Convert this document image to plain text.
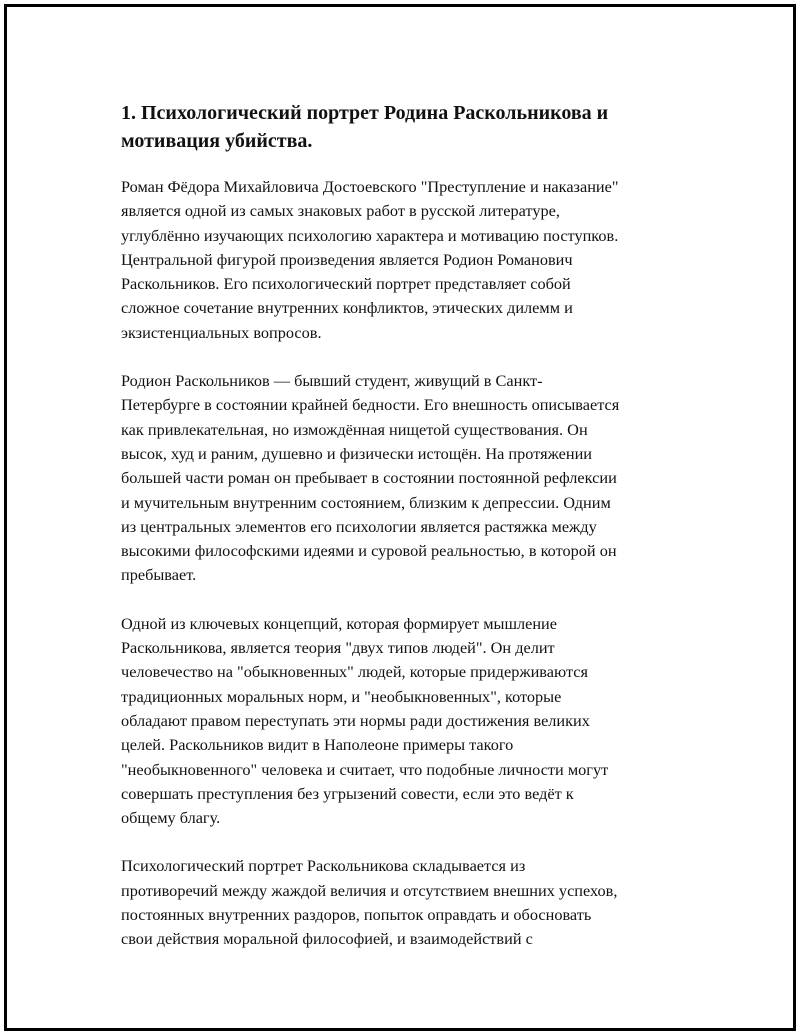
1. Психологический портрет Родина Раскольникова и
мотивация убийства.

Роман Фёдора Михайловича Достоевского "Преступление и наказание"
является одной из самых знаковых работ в русской литературе,
углублённо изучающих психологию характера и мотивацию поступков.
Центральной фигурой произведения является Родион Романович
Раскольников. Его психологический портрет представляет собой
сложное сочетание внутренних конфликтов, этических дилемм и
экзистенциальных вопросов.

Родион Раскольников — бывший студент, живущий в Санкт-
Петербурге в состоянии крайней бедности. Его внешность описывается
как привлекательная, но измождённая нищетой существования. Он
высок, худ и раним, душевно и физически истощён. На протяжении
большей части роман он пребывает в состоянии постоянной рефлексии
и мучительным внутренним состоянием, близким к депрессии. Одним
из центральных элементов его психологии является растяжка между
высокими философскими идеями и суровой реальностью, в которой он
пребывает.

Одной из ключевых концепций, которая формирует мышление
Раскольникова, является теория "двух типов людей". Он делит
человечество на "обыкновенных" людей, которые придерживаются
традиционных моральных норм, и "необыкновенных", которые
обладают правом переступать эти нормы ради достижения великих
целей. Раскольников видит в Наполеоне примеры такого
"необыкновенного" человека и считает, что подобные личности могут
совершать преступления без угрызений совести, если это ведёт к
общему благу.

Психологический портрет Раскольникова складывается из
противоречий между жаждой величия и отсутствием внешних успехов,
постоянных внутренних раздоров, попыток оправдать и обосновать
свои действия моральной философией, и взаимодействий с
